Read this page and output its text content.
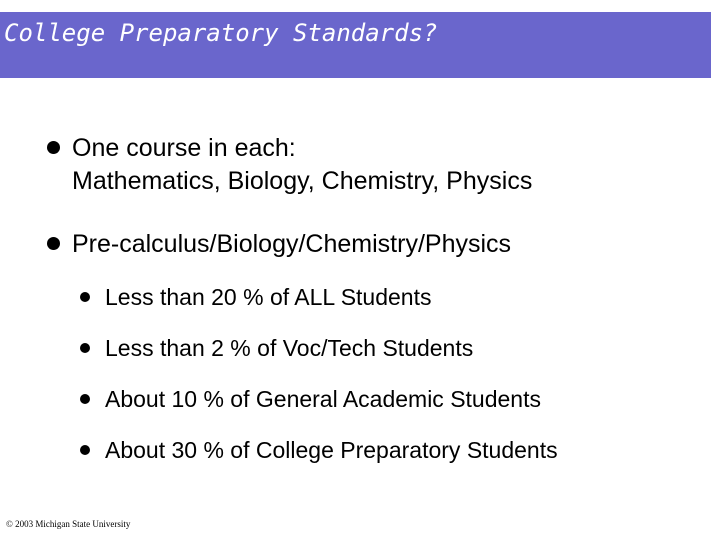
College Preparatory Standards?
One course in each:
Mathematics, Biology, Chemistry, Physics
Pre-calculus/Biology/Chemistry/Physics
Less than 20 % of ALL Students
Less than 2 % of Voc/Tech Students
About 10 % of General Academic Students
About 30 % of College Preparatory Students
© 2003 Michigan State University
